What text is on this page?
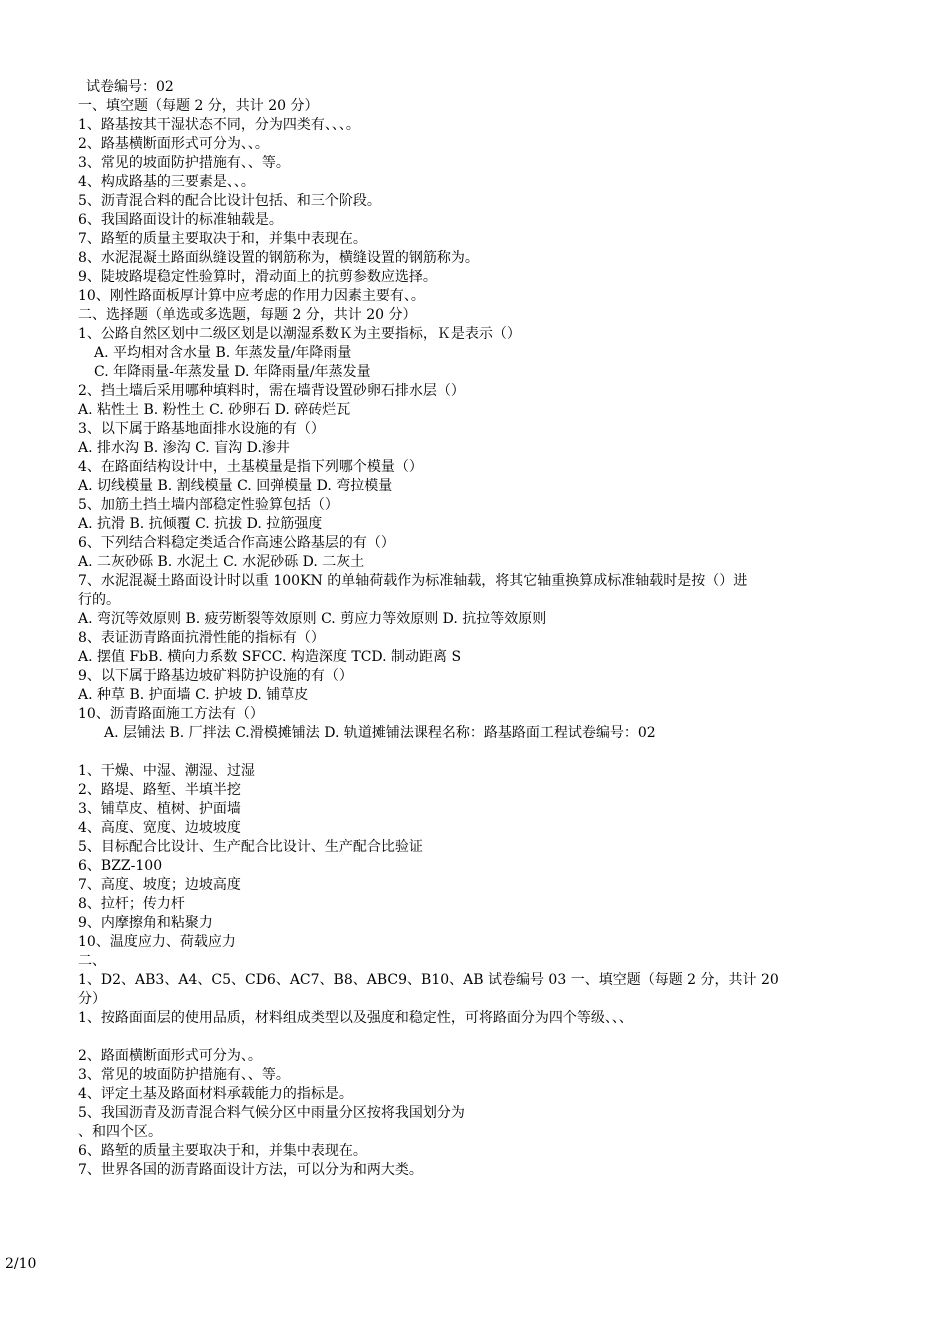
试卷编号：02
一、填空题（每题 2 分，共计 20 分）
1、路基按其干湿状态不同，分为四类有、、、。
2、路基横断面形式可分为、、。
3、常见的坡面防护措施有、、等。
4、构成路基的三要素是、、。
5、沥青混合料的配合比设计包括、和三个阶段。
6、我国路面设计的标准轴载是。
7、路堑的质量主要取决于和，并集中表现在。
8、水泥混凝土路面纵缝设置的钢筋称为，横缝设置的钢筋称为。
9、陡坡路堤稳定性验算时，滑动面上的抗剪参数应选择。
10、刚性路面板厚计算中应考虑的作用力因素主要有、。
二、选择题（单选或多选题，每题 2 分，共计 20 分）
1、公路自然区划中二级区划是以潮湿系数Ｋ为主要指标，Ｋ是表示（）
A. 平均相对含水量 B. 年蒸发量/年降雨量
C. 年降雨量-年蒸发量 D. 年降雨量/年蒸发量
2、挡土墙后采用哪种填料时，需在墙背设置砂卵石排水层（）
A. 粘性土 B. 粉性土 C. 砂卵石 D. 碎砖烂瓦
3、以下属于路基地面排水设施的有（）
A. 排水沟 B. 渗沟 C. 盲沟 D.渗井
4、在路面结构设计中，土基模量是指下列哪个模量（）
A. 切线模量 B. 割线模量 C. 回弹模量 D. 弯拉模量
5、加筋土挡土墙内部稳定性验算包括（）
A. 抗滑 B. 抗倾覆 C. 抗拔 D. 拉筋强度
6、下列结合料稳定类适合作高速公路基层的有（）
A. 二灰砂砾 B. 水泥土 C. 水泥砂砾 D. 二灰土
7、水泥混凝土路面设计时以重 100KN 的单轴荷载作为标准轴载，将其它轴重换算成标准轴载时是按（）进
行的。
A. 弯沉等效原则 B. 疲劳断裂等效原则 C. 剪应力等效原则 D. 抗拉等效原则
8、表证沥青路面抗滑性能的指标有（）
A. 摆值 FbB. 横向力系数 SFCC. 构造深度 TCD. 制动距离 S
9、以下属于路基边坡矿料防护设施的有（）
A. 种草 B. 护面墙 C. 护坡 D. 铺草皮
10、沥青路面施工方法有（）
A. 层铺法 B. 厂拌法 C.滑模摊铺法 D. 轨道摊铺法课程名称：路基路面工程试卷编号：02
1、干燥、中湿、潮湿、过湿
2、路堤、路堑、半填半挖
3、铺草皮、植树、护面墙
4、高度、宽度、边坡坡度
5、目标配合比设计、生产配合比设计、生产配合比验证
6、BZZ-100
7、高度、坡度；边坡高度
8、拉杆；传力杆
9、内摩擦角和粘聚力
10、温度应力、荷载应力
二、
1、D2、AB3、A4、C5、CD6、AC7、B8、ABC9、B10、AB 试卷编号 03 一、填空题（每题 2 分，共计 20
分）
1、按路面面层的使用品质，材料组成类型以及强度和稳定性，可将路面分为四个等级、、、
2、路面横断面形式可分为、。
3、常见的坡面防护措施有、、等。
4、评定土基及路面材料承载能力的指标是。
5、我国沥青及沥青混合料气候分区中雨量分区按将我国划分为
、和四个区。
6、路堑的质量主要取决于和，并集中表现在。
7、世界各国的沥青路面设计方法，可以分为和两大类。
2/10
